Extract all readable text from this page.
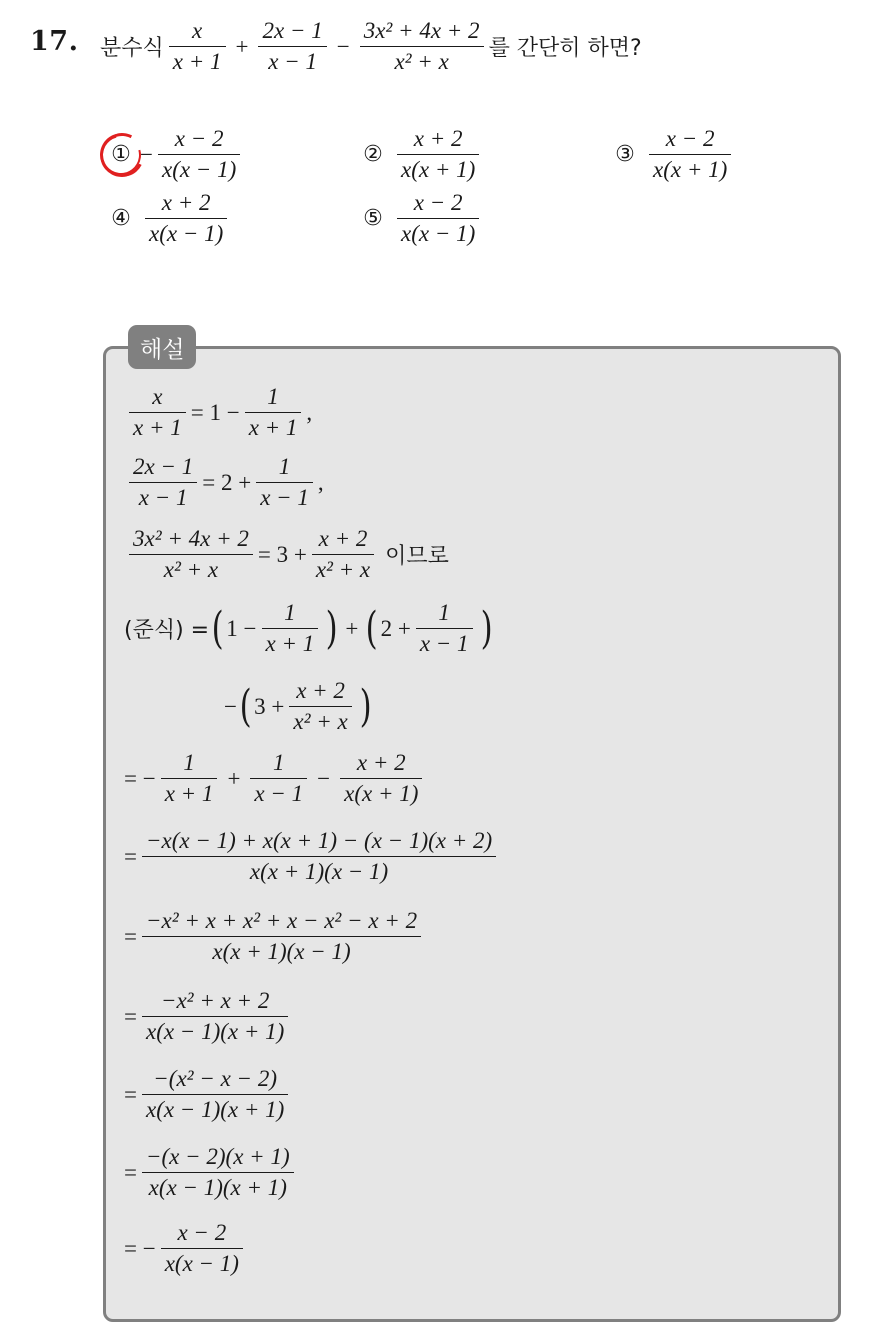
17. 분수식 $\frac{x}{x + 1} + \frac{2x - 1}{x - 1} - \frac{\text{3x² + 4x + 2}}{\text{x² + x}}$ 를 간단히 하면?
① − $\frac{x - 2}{x(x - 1)}$	② $\frac{x + 2}{x(x + 1)}$	③ $\frac{x - 2}{x(x + 1)}$
④ $\frac{x + 2}{x(x - 1)}$	⑤ $\frac{x - 2}{x(x - 1)}$
해설
$\frac{x}{x + 1} = 1 - \frac{1}{x + 1}$ ,
$\frac{2x - 1}{x - 1} = 2 + \frac{1}{x - 1}$ ,
$\frac{\text{3x² + 4x + 2}}{\text{x² + x}} = 3 + \frac{x + 2}{\text{x² + x}}$ 이므로
(준식) = ( $1 - \frac{1}{x + 1}$ ) + ( $2 + \frac{1}{x - 1}$ )
− ( $3 + \frac{x + 2}{\text{x² + x}}$ )
= − $\frac{1}{x + 1} + \frac{1}{x - 1} - \frac{x + 2}{x(x + 1)}$
= $\frac{-x(x - 1) + x(x + 1) - (x - 1)(x + 2)}{x(x + 1)(x - 1)}$
= $\frac{\text{−x² + x + x² + x − x² − x + 2}}{x(x + 1)(x - 1)}$
= $\frac{\text{−x² + x + 2}}{x(x - 1)(x + 1)}$
= $\frac{\text{−(x² − x − 2)}}{x(x - 1)(x + 1)}$
= $\frac{-(x - 2)(x + 1)}{x(x - 1)(x + 1)}$
= − $\frac{x - 2}{x(x - 1)}$
